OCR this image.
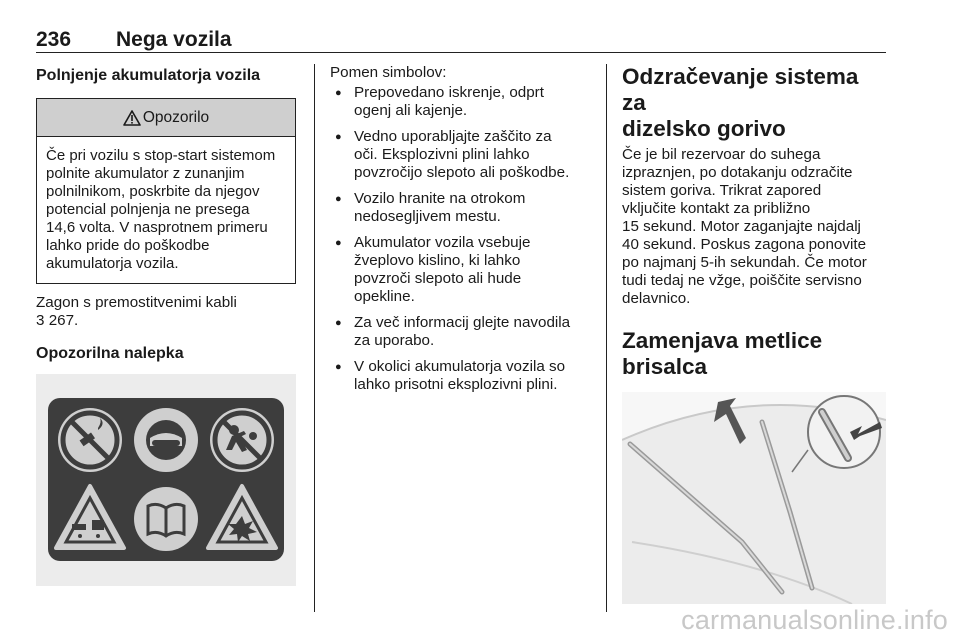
236 Nega vozila
Polnjenje akumulatorja vozila
Opozorilo
Če pri vozilu s stop-start sistemom
polnite akumulator z zunanjim
polnilnikom, poskrbite da njegov
potencial polnjenja ne presega
14,6 volta. V nasprotnem primeru
lahko pride do poškodbe
akumulatorja vozila.
Zagon s premostitvenimi kabli
3 267.
Opozorilna nalepka
Pomen simbolov:
● Prepovedano iskrenje, odprt
ogenj ali kajenje.
● Vedno uporabljajte zaščito za
oči. Eksplozivni plini lahko
povzročijo slepoto ali poškodbe.
● Vozilo hranite na otrokom
nedosegljivem mestu.
● Akumulator vozila vsebuje
žveplovo kislino, ki lahko
povzroči slepoto ali hude
opekline.
● Za več informacij glejte navodila
za uporabo.
● V okolici akumulatorja vozila so
lahko prisotni eksplozivni plini.
Odzračevanje sistema za
dizelsko gorivo
Če je bil rezervoar do suhega
izpraznjen, po dotakanju odzračite
sistem goriva. Trikrat zapored
vključite kontakt za približno
15 sekund. Motor zaganjajte najdalj
40 sekund. Poskus zagona ponovite
po najmanj 5-ih sekundah. Če motor
tudi tedaj ne vžge, poiščite servisno
delavnico.
Zamenjava metlice brisalca
carmanualsonline.info
